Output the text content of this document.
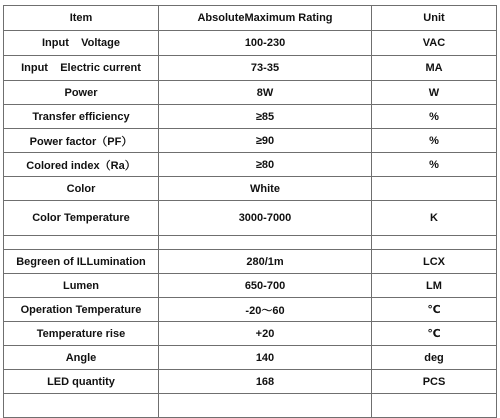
Item	AbsoluteMaximum Rating	Unit
Input    Voltage	100-230	VAC
Input    Electric current	73-35	MA
Power	8W	W
Transfer efficiency	≥85	%
Power factor（PF）	≥90	%
Colored index（Ra）	≥80	%
Color	White	
Color Temperature	3000-7000	K

Begreen of ILLumination	280/1m	LCX
Lumen	650-700	LM
Operation Temperature	-20～60	℃
Temperature rise	+20	℃
Angle	140	deg
LED quantity	168	PCS
